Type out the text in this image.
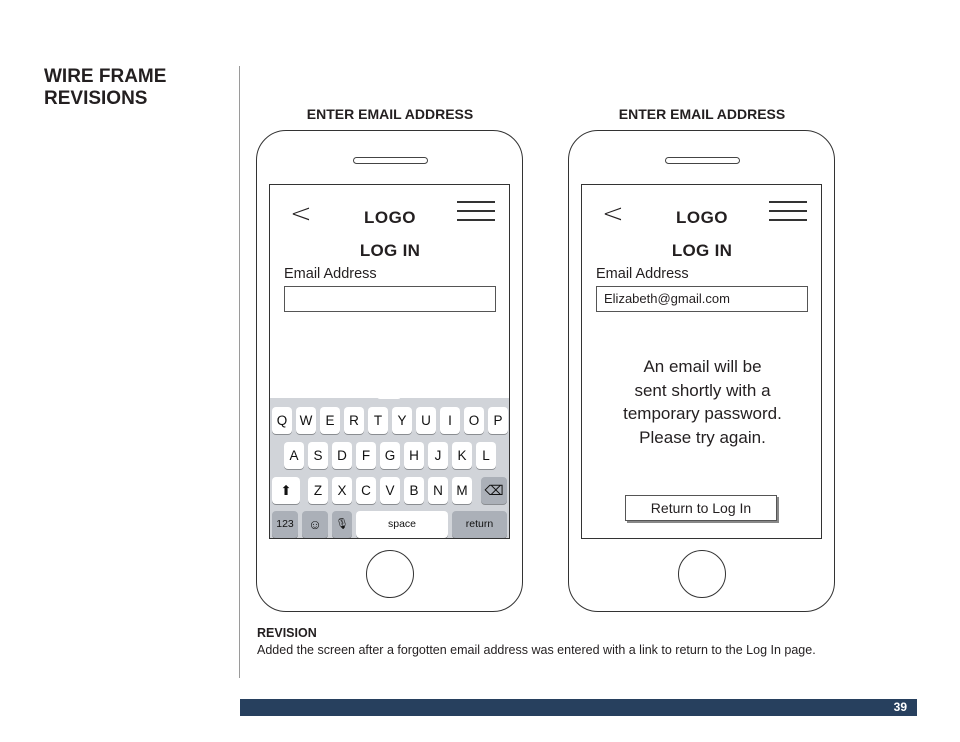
WIRE FRAME
REVISIONS
ENTER EMAIL ADDRESS
<	LOGO
LOG IN
Email Address
Q W E	R	T	Y	U	I	O	P
A	S	D	F	G	H	J	K	L
⬆	Z	X	C	V	B	N	M	⌫
123	☺	🎙	space	return
ENTER EMAIL ADDRESS
<	LOGO
LOG IN
Email Address
Elizabeth@gmail.com
An email will be
sent shortly with a
temporary password.
Please try again.
Return to Log In
REVISION
Added the screen after a forgotten email address was entered with a link to return to the Log In page.
39
